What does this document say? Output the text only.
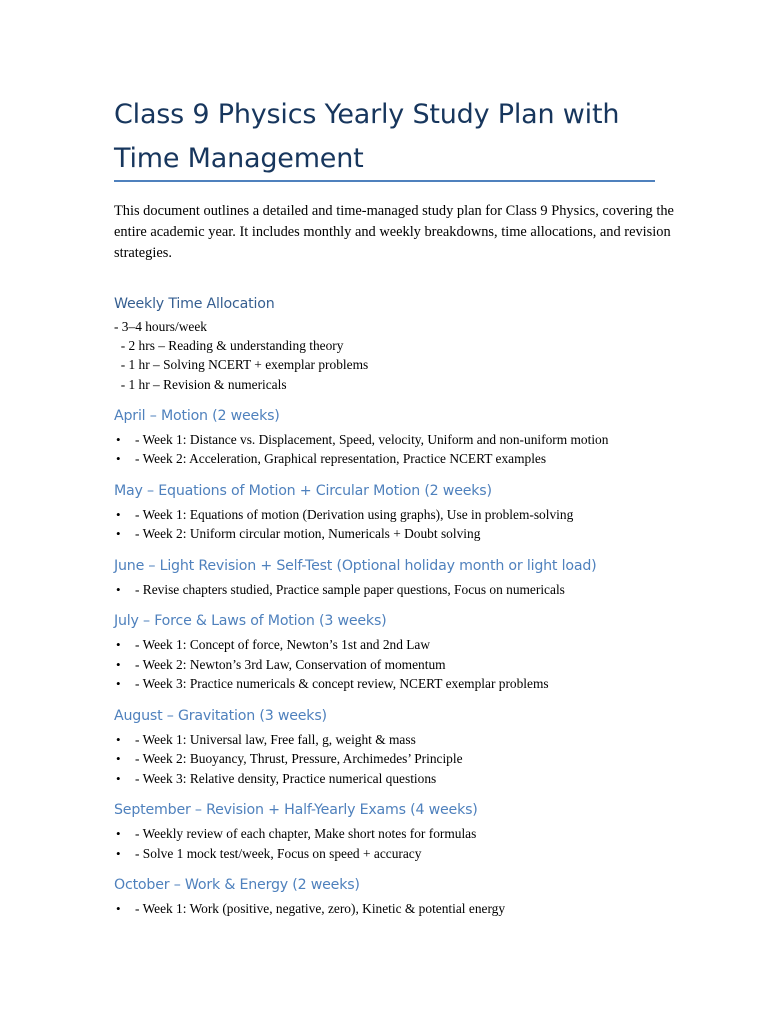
Class 9 Physics Yearly Study Plan with Time Management

This document outlines a detailed and time-managed study plan for Class 9 Physics, covering the entire academic year. It includes monthly and weekly breakdowns, time allocations, and revision strategies.

Weekly Time Allocation

- 3–4 hours/week

- 2 hrs – Reading & understanding theory

- 1 hr – Solving NCERT + exemplar problems

- 1 hr – Revision & numericals

April – Motion (2 weeks)
• - Week 1: Distance vs. Displacement, Speed, velocity, Uniform and non-uniform motion
• - Week 2: Acceleration, Graphical representation, Practice NCERT examples
May – Equations of Motion + Circular Motion (2 weeks)
• - Week 1: Equations of motion (Derivation using graphs), Use in problem-solving
• - Week 2: Uniform circular motion, Numericals + Doubt solving
June – Light Revision + Self-Test (Optional holiday month or light load)
• - Revise chapters studied, Practice sample paper questions, Focus on numericals
July – Force & Laws of Motion (3 weeks)
• - Week 1: Concept of force, Newton’s 1st and 2nd Law
• - Week 2: Newton’s 3rd Law, Conservation of momentum
• - Week 3: Practice numericals & concept review, NCERT exemplar problems
August – Gravitation (3 weeks)
• - Week 1: Universal law, Free fall, g, weight & mass
• - Week 2: Buoyancy, Thrust, Pressure, Archimedes’ Principle
• - Week 3: Relative density, Practice numerical questions
September – Revision + Half-Yearly Exams (4 weeks)
• - Weekly review of each chapter, Make short notes for formulas
• - Solve 1 mock test/week, Focus on speed + accuracy
October – Work & Energy (2 weeks)
• - Week 1: Work (positive, negative, zero), Kinetic & potential energy
